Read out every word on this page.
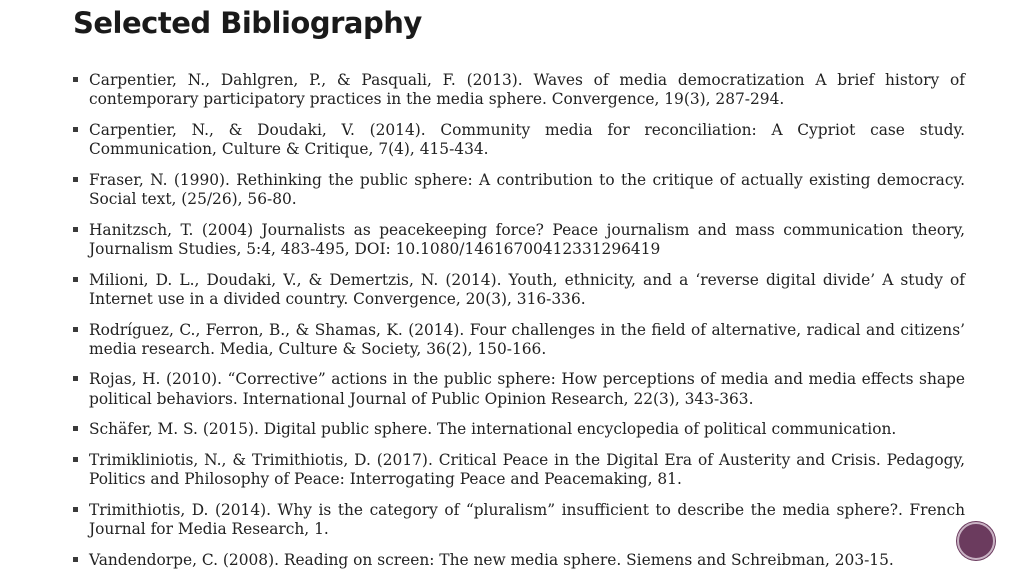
Selected Bibliography
Carpentier, N., Dahlgren, P., & Pasquali, F. (2013). Waves of media democratization A brief history of contemporary participatory practices in the media sphere. Convergence, 19(3), 287-294.
Carpentier, N., & Doudaki, V. (2014). Community media for reconciliation: A Cypriot case study. Communication, Culture & Critique, 7(4), 415-434.
Fraser, N. (1990). Rethinking the public sphere: A contribution to the critique of actually existing democracy. Social text, (25/26), 56-80.
Hanitzsch, T. (2004) Journalists as peacekeeping force? Peace journalism and mass communication theory, Journalism Studies, 5:4, 483-495, DOI: 10.1080/1461670041233129641​9
Milioni, D. L., Doudaki, V., & Demertzis, N. (2014). Youth, ethnicity, and a ‘reverse digital divide’ A study of Internet use in a divided country. Convergence, 20(3), 316-336.
Rodríguez, C., Ferron, B., & Shamas, K. (2014). Four challenges in the field of alternative, radical and citizens’ media research. Media, Culture & Society, 36(2), 150-166.
Rojas, H. (2010). “Corrective” actions in the public sphere: How perceptions of media and media effects shape political behaviors. International Journal of Public Opinion Research, 22(3), 343-363.
Schäfer, M. S. (2015). Digital public sphere. The international encyclopedia of political communication.
Trimikliniotis, N., & Trimithiotis, D. (2017). Critical Peace in the Digital Era of Austerity and Crisis. Pedagogy, Politics and Philosophy of Peace: Interrogating Peace and Peacemaking, 81.
Trimithiotis, D. (2014). Why is the category of “pluralism” insufficient to describe the media sphere?. French Journal for Media Research, 1.
Vandendorpe, C. (2008). Reading on screen: The new media sphere. Siemens and Schreibman, 203-15.
